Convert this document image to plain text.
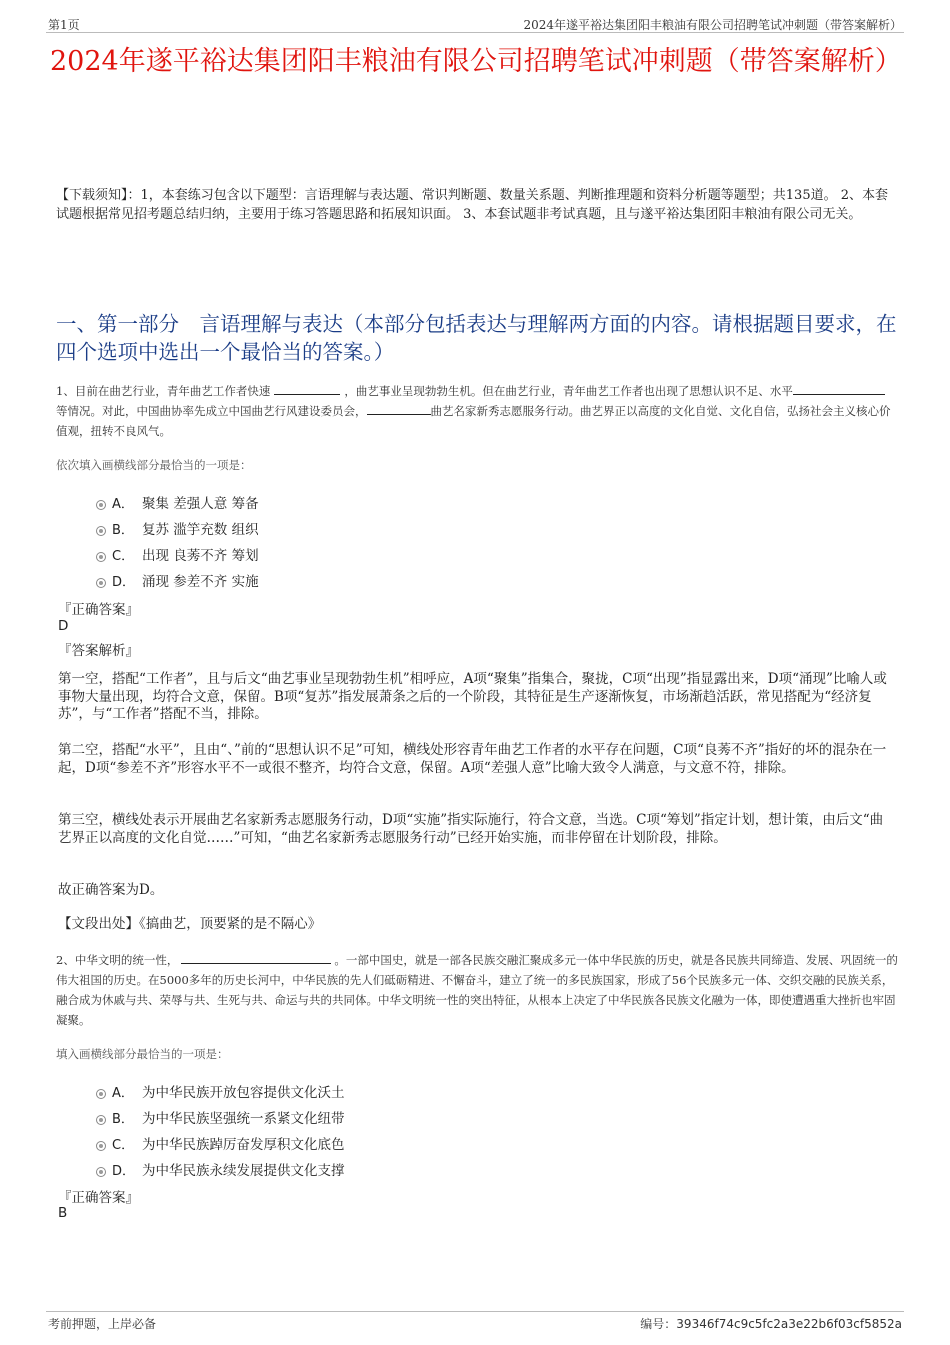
第1页	2024年遂平裕达集团阳丰粮油有限公司招聘笔试冲刺题（带答案解析）
2024年遂平裕达集团阳丰粮油有限公司招聘笔试冲刺题（带答案解析）
【下载须知】：1，本套练习包含以下题型：言语理解与表达题、常识判断题、数量关系题、判断推理题和资料分析题等题型；共135道。 2、本套试题根据常见招考题总结归纳，主要用于练习答题思路和拓展知识面。 3、本套试题非考试真题，且与遂平裕达集团阳丰粮油有限公司无关。
一、第一部分　言语理解与表达（本部分包括表达与理解两方面的内容。请根据题目要求，在四个选项中选出一个最恰当的答案。）
1、目前在曲艺行业，青年曲艺工作者快速	，曲艺事业呈现勃勃生机。但在曲艺行业，青年曲艺工作者也出现了思想认识不足、水平等情况。对此，中国曲协率先成立中国曲艺行风建设委员会，	曲艺名家新秀志愿服务行动。曲艺界正以高度的文化自觉、文化自信，弘扬社会主义核心价值观，扭转不良风气。
依次填入画横线部分最恰当的一项是：
A． 聚集 差强人意 筹备
B． 复苏 滥竽充数 组织
C． 出现 良莠不齐 筹划
D． 涌现 参差不齐 实施
『正确答案』
D
『答案解析』
第一空，搭配“工作者”，且与后文“曲艺事业呈现勃勃生机”相呼应，A项“聚集”指集合，聚拢，C项“出现”指显露出来，D项“涌现”比喻人或事物大量出现，均符合文意，保留。B项“复苏”指发展萧条之后的一个阶段，其特征是生产逐渐恢复，市场渐趋活跃，常见搭配为“经济复苏”，与“工作者”搭配不当，排除。
第二空，搭配“水平”，且由“、”前的“思想认识不足”可知，横线处形容青年曲艺工作者的水平存在问题，C项“良莠不齐”指好的坏的混杂在一起，D项“参差不齐”形容水平不一或很不整齐，均符合文意，保留。A项“差强人意”比喻大致令人满意，与文意不符，排除。
第三空，横线处表示开展曲艺名家新秀志愿服务行动，D项“实施”指实际施行，符合文意，当选。C项“筹划”指定计划，想计策，由后文“曲艺界正以高度的文化自觉……”可知，“曲艺名家新秀志愿服务行动”已经开始实施，而非停留在计划阶段，排除。
故正确答案为D。
【文段出处】《搞曲艺，顶要紧的是不隔心》
2、中华文明的统一性，	。一部中国史，就是一部各民族交融汇聚成多元一体中华民族的历史，就是各民族共同缔造、发展、巩固统一的伟大祖国的历史。在5000多年的历史长河中，中华民族的先人们砥砺精进、不懈奋斗，建立了统一的多民族国家，形成了56个民族多元一体、交织交融的民族关系，融合成为休戚与共、荣辱与共、生死与共、命运与共的共同体。中华文明统一性的突出特征，从根本上决定了中华民族各民族文化融为一体，即使遭遇重大挫折也牢固凝聚。
填入画横线部分最恰当的一项是：
A． 为中华民族开放包容提供文化沃土
B． 为中华民族坚强统一系紧文化纽带
C． 为中华民族踔厉奋发厚积文化底色
D． 为中华民族永续发展提供文化支撑
『正确答案』
B
考前押题，上岸必备	编号：39346f74c9c5fc2a3e22b6f03cf5852a
